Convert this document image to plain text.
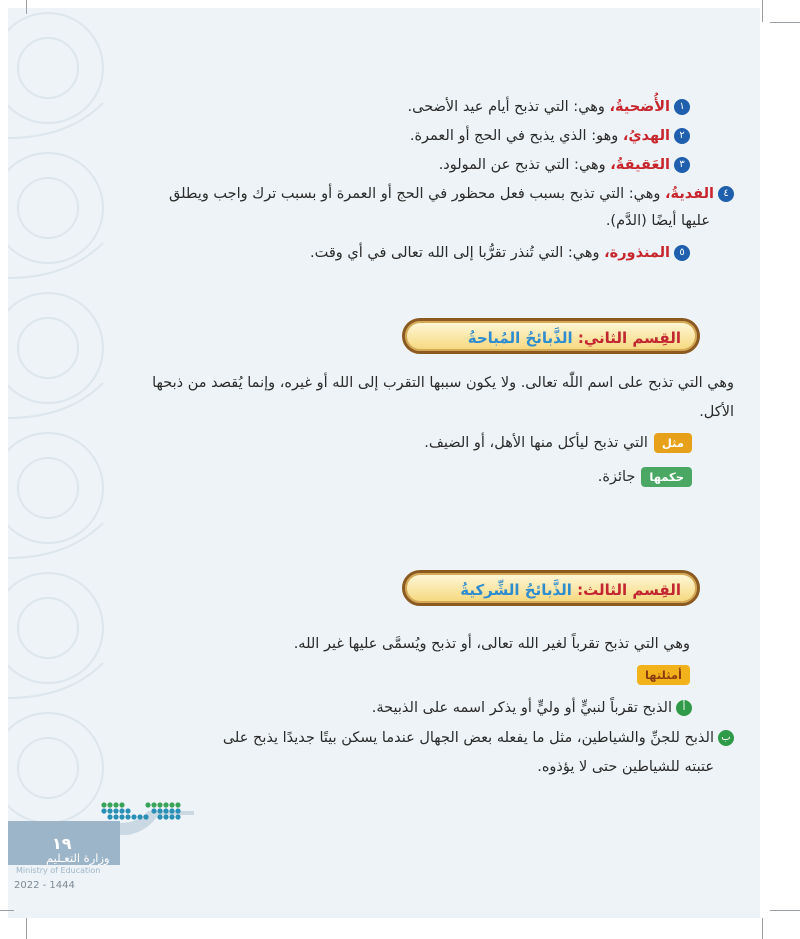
١الأُضحيةُ، وهي: التي تذبح أيام عيد الأضحى.
٢الهديُ، وهو: الذي يذبح في الحج أو العمرة.
٣العَقيقةُ، وهي: التي تذبح عن المولود.
٤الفديةُ، وهي: التي تذبح بسبب فعل محظور في الحج أو العمرة أو بسبب ترك واجب ويطلق
عليها أيضًا (الدَّم).
٥المنذورة، وهي: التي تُنذر تقرُّبا إلى الله تعالى في أي وقت.
القِسم الثاني: الذَّبائحُ المُباحةُ
وهي التي تذبح على اسم اللّٰه تعالى. ولا يكون سببها التقرب إلى الله أو غيره، وإنما يُقصد من ذبحها
الأكل.
مثلالتي تذبح ليأكل منها الأهل، أو الضيف.
حكمهاجائزة.
القِسم الثالث: الذَّبائحُ الشِّركيةُ
وهي التي تذبح تقرباً لغير الله تعالى، أو تذبح ويُسمَّى عليها غير الله.
أمثلتها
أالذبح تقرباً لنبيٍّ أو وليٍّ أو يذكر اسمه على الذبيحة.
بالذبح للجنِّ والشياطين، مثل ما يفعله بعض الجهال عندما يسكن بيتًا جديدًا يذبح على
عتبته للشياطين حتى لا يؤذوه.
١٩
وزارة التعـليم
Ministry of Education
2022 - 1444
